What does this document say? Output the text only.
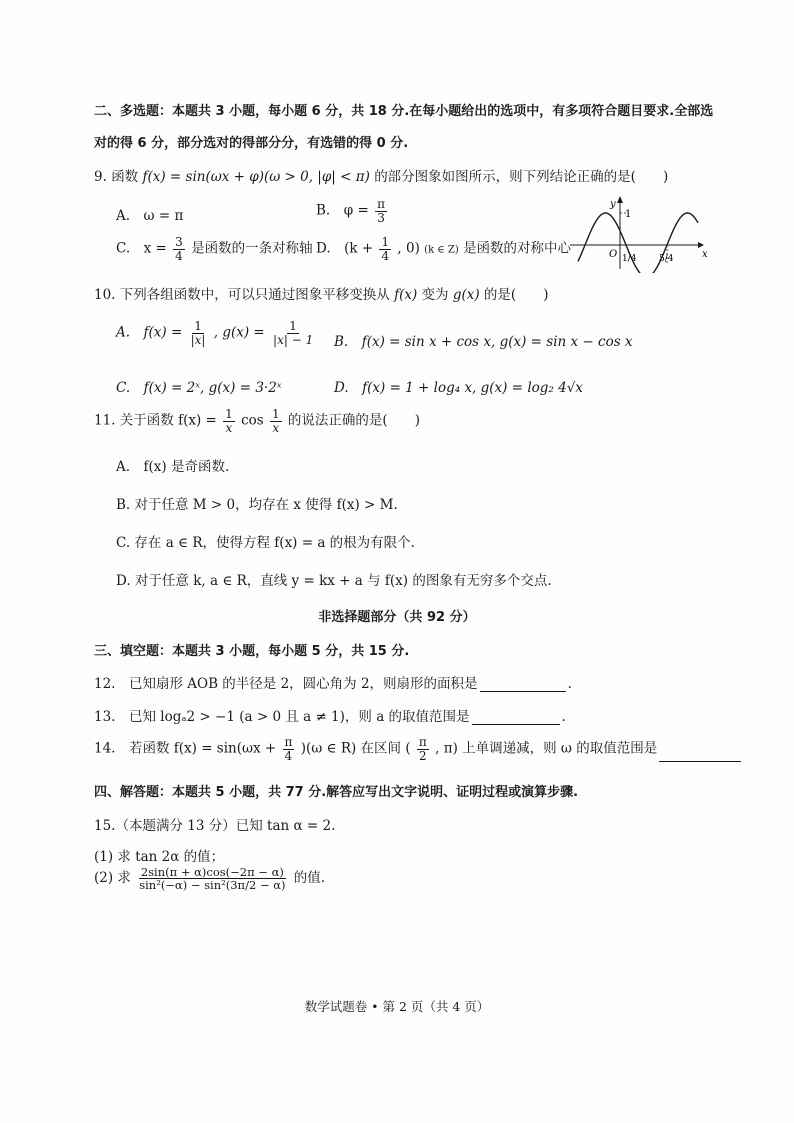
二、多选题：本题共 3 小题，每小题 6 分，共 18 分.在每小题给出的选项中，有多项符合题目要求.全部选
对的得 6 分，部分选对的得部分分，有选错的得 0 分.
9. 函数 f(x) = sin(ωx + φ)(ω > 0, |φ| < π) 的部分图象如图所示，则下列结论正确的是(　　)
A.　ω = π	B.　$\varphi = \frac{\pi}{3}$
C.　$x = \frac{3}{4}$ 是函数的一条对称轴 D.　($k + \frac{1}{4}$ , 0) (k ∈ Z) 是函数的对称中心
y
x
O
1
1/4	5/4
10. 下列各组函数中，可以只通过图象平移变换从 f(x) 变为 g(x) 的是(　　)
A.　$f(x) = \frac{1}{|x|}$ , $g(x) = \frac{1}{|x| - 1} B$.　f(x) = sin x + cos x, g(x) = sin x − cos x
C.　f(x) = 2ˣ, g(x) = 3·2ˣ	D.　f(x) = 1 + log₄ x, g(x) = log₂ 4√x
11. 关于函数 $f(x) = \frac{1}{x}$ $\cos \frac{1}{x}$ 的说法正确的是(　　)
A.　f(x) 是奇函数.
B. 对于任意 M > 0，均存在 x 使得 f(x) > M.
C. 存在 a ∈ R，使得方程 f(x) = a 的根为有限个.
D. 对于任意 k, a ∈ R，直线 y = kx + a 与 f(x) 的图象有无穷多个交点.
非选择题部分（共 92 分）
三、填空题：本题共 3 小题，每小题 5 分，共 15 分.
12.　已知扇形 AOB 的半径是 2，圆心角为 2，则扇形的面积是	.
13.　已知 logₐ2 > −1 (a > 0 且 a ≠ 1)，则 a 的取值范围是	.
14.　若函数 $f(x) = \sin(\omega x + \frac{\pi}{4} )(\omega$ ∈ R) 在区间 ( $\frac{\pi}{2}$ , π) 上单调递减，则 ω 的取值范围是
四、解答题：本题共 5 小题，共 77 分.解答应写出文字说明、证明过程或演算步骤.
15.（本题满分 13 分）已知 tan α = 2.
(1) 求 tan 2α 的值；
(2) 求 $\frac{2\sin(\pi + \alpha)\cos(-2\pi - \alpha)}{\text{sin²(−α) − sin²(3π/2 − α)}}$ 的值.
数学试题卷 • 第 2 页（共 4 页）
